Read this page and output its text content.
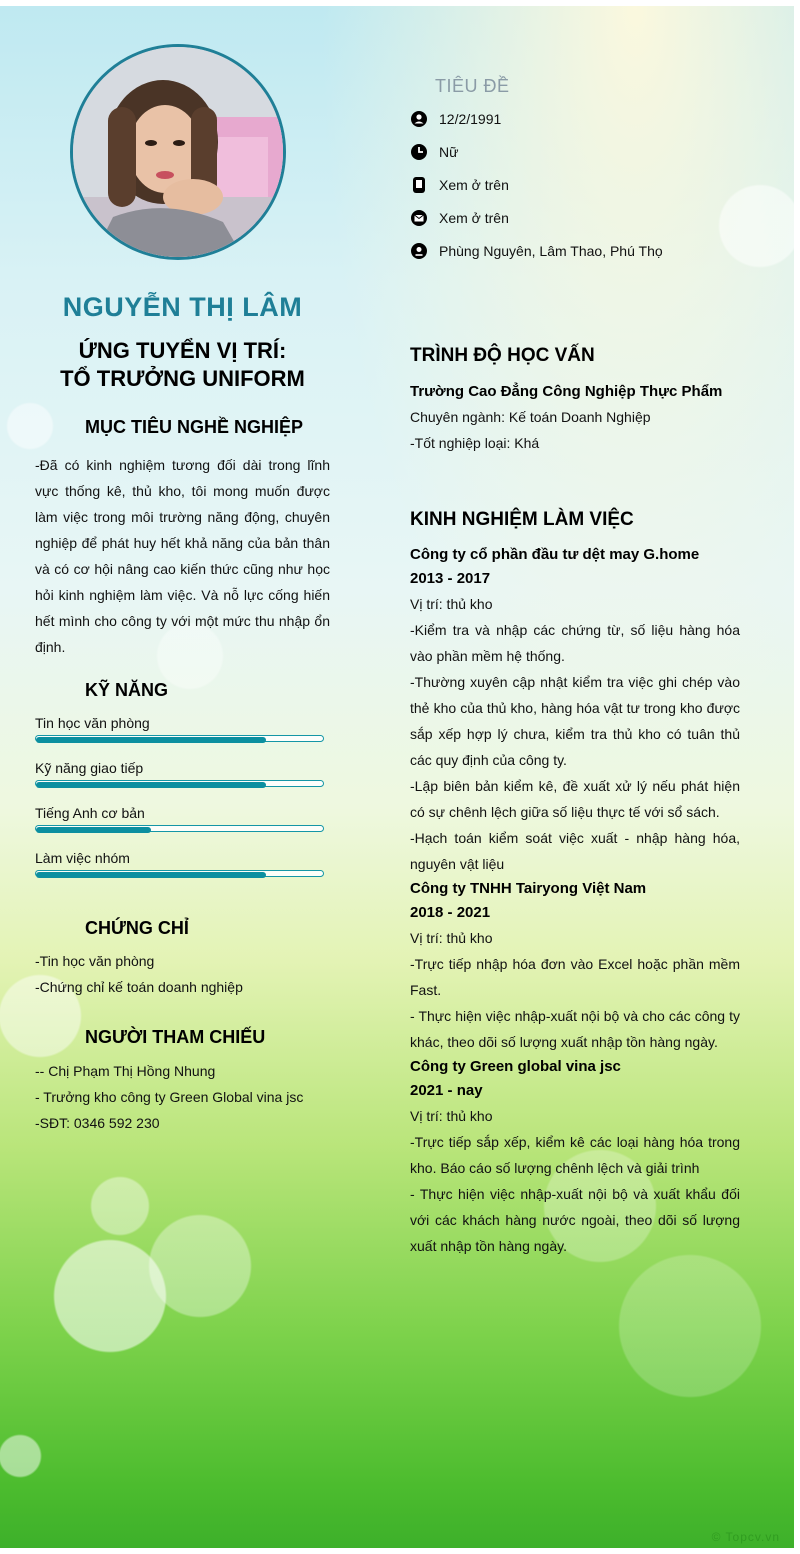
NGUYỄN THỊ LÂM
ỨNG TUYỂN VỊ TRÍ:
TỔ TRƯỞNG UNIFORM
TIÊU ĐỀ
12/2/1991
Nữ
Xem ở trên
Xem ở trên
Phùng Nguyên, Lâm Thao, Phú Thọ
MỤC TIÊU NGHỀ NGHIỆP
-Đã có kinh nghiệm tương đối dài trong lĩnh vực thống kê, thủ kho, tôi mong muốn được làm việc trong môi trường năng động, chuyên nghiệp để phát huy hết khả năng của bản thân và có cơ hội nâng cao kiến thức cũng như học hỏi kinh nghiệm làm việc. Và nỗ lực cống hiến hết mình cho công ty với một mức thu nhập ổn định.
KỸ NĂNG
Tin học văn phòng
Kỹ năng giao tiếp
Tiếng Anh cơ bản
Làm việc nhóm
CHỨNG CHỈ
-Tin học văn phòng
-Chứng chỉ kế toán doanh nghiệp
NGƯỜI THAM CHIẾU
-- Chị Phạm Thị Hồng Nhung
- Trưởng kho công ty Green Global vina jsc
-SĐT: 0346 592 230
TRÌNH ĐỘ HỌC VẤN
Trường Cao Đẳng Công Nghiệp Thực Phẩm
Chuyên ngành: Kế toán Doanh Nghiệp
-Tốt nghiệp loại: Khá
KINH NGHIỆM LÀM VIỆC
Công ty cổ phần đầu tư dệt may G.home
2013 - 2017
Vị trí: thủ kho
-Kiểm tra và nhập các chứng từ, số liệu hàng hóa vào phần mềm hệ thống.
-Thường xuyên cập nhật kiểm tra việc ghi chép vào thẻ kho của thủ kho, hàng hóa vật tư trong kho được sắp xếp hợp lý chưa, kiểm tra thủ kho có tuân thủ các quy định của công ty.
-Lập biên bản kiểm kê, đề xuất xử lý nếu phát hiện có sự chênh lệch giữa số liệu thực tế với sổ sách.
-Hạch toán kiểm soát việc xuất - nhập hàng hóa, nguyên vật liệu
Công ty TNHH Tairyong Việt Nam
2018 - 2021
Vị trí: thủ kho
-Trực tiếp nhập hóa đơn vào Excel hoặc phần mềm Fast.
- Thực hiện việc nhập-xuất nội bộ và cho các công ty khác, theo dõi số lượng xuất nhập tồn hàng ngày.
Công ty Green global vina jsc
2021 - nay
Vị trí: thủ kho
-Trực tiếp sắp xếp, kiểm kê các loại hàng hóa trong kho. Báo cáo số lượng chênh lệch và giải trình
- Thực hiện việc nhập-xuất nội bộ và xuất khẩu đối với các khách hàng nước ngoài, theo dõi số lượng xuất nhập tồn hàng ngày.
© Topcv.vn
